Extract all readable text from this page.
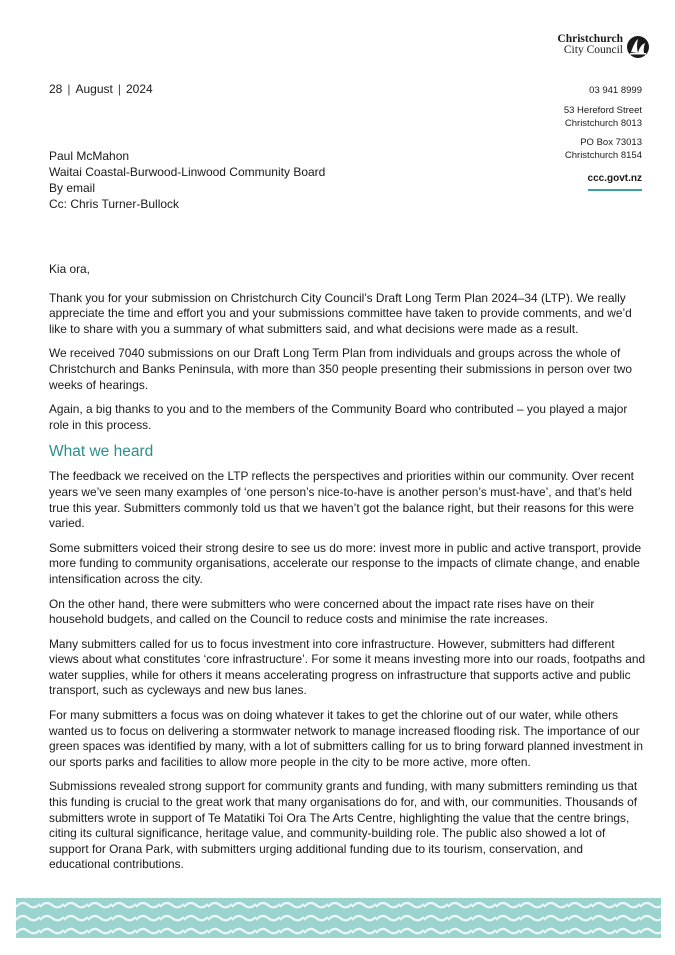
Christchurch
City Council
28 | August | 2024	03 941 8999
53 Hereford Street
Christchurch 8013
PO Box 73013
Christchurch 8154
ccc.govt.nz
Paul McMahon
Waitai Coastal-Burwood-Linwood Community Board
By email
Cc: Chris Turner-Bullock

Kia ora,

Thank you for your submission on Christchurch City Council’s Draft Long Term Plan 2024–34 (LTP). We really appreciate the time and effort you and your submissions committee have taken to provide comments, and we’d like to share with you a summary of what submitters said, and what decisions were made as a result.

We received 7040 submissions on our Draft Long Term Plan from individuals and groups across the whole of Christchurch and Banks Peninsula, with more than 350 people presenting their submissions in person over two weeks of hearings.

Again, a big thanks to you and to the members of the Community Board who contributed – you played a major role in this process.

What we heard

The feedback we received on the LTP reflects the perspectives and priorities within our community. Over recent years we’ve seen many examples of ‘one person’s nice-to-have is another person’s must-have’, and that’s held true this year. Submitters commonly told us that we haven’t got the balance right, but their reasons for this were varied.

Some submitters voiced their strong desire to see us do more: invest more in public and active transport, provide more funding to community organisations, accelerate our response to the impacts of climate change, and enable intensification across the city.

On the other hand, there were submitters who were concerned about the impact rate rises have on their household budgets, and called on the Council to reduce costs and minimise the rate increases.

Many submitters called for us to focus investment into core infrastructure. However, submitters had different views about what constitutes ‘core infrastructure’. For some it means investing more into our roads, footpaths and water supplies, while for others it means accelerating progress on infrastructure that supports active and public transport, such as cycleways and new bus lanes.

For many submitters a focus was on doing whatever it takes to get the chlorine out of our water, while others wanted us to focus on delivering a stormwater network to manage increased flooding risk. The importance of our green spaces was identified by many, with a lot of submitters calling for us to bring forward planned investment in our sports parks and facilities to allow more people in the city to be more active, more often.

Submissions revealed strong support for community grants and funding, with many submitters reminding us that this funding is crucial to the great work that many organisations do for, and with, our communities. Thousands of submitters wrote in support of Te Matatiki Toi Ora The Arts Centre, highlighting the value that the centre brings, citing its cultural significance, heritage value, and community-building role. The public also showed a lot of support for Orana Park, with submitters urging additional funding due to its tourism, conservation, and educational contributions.
